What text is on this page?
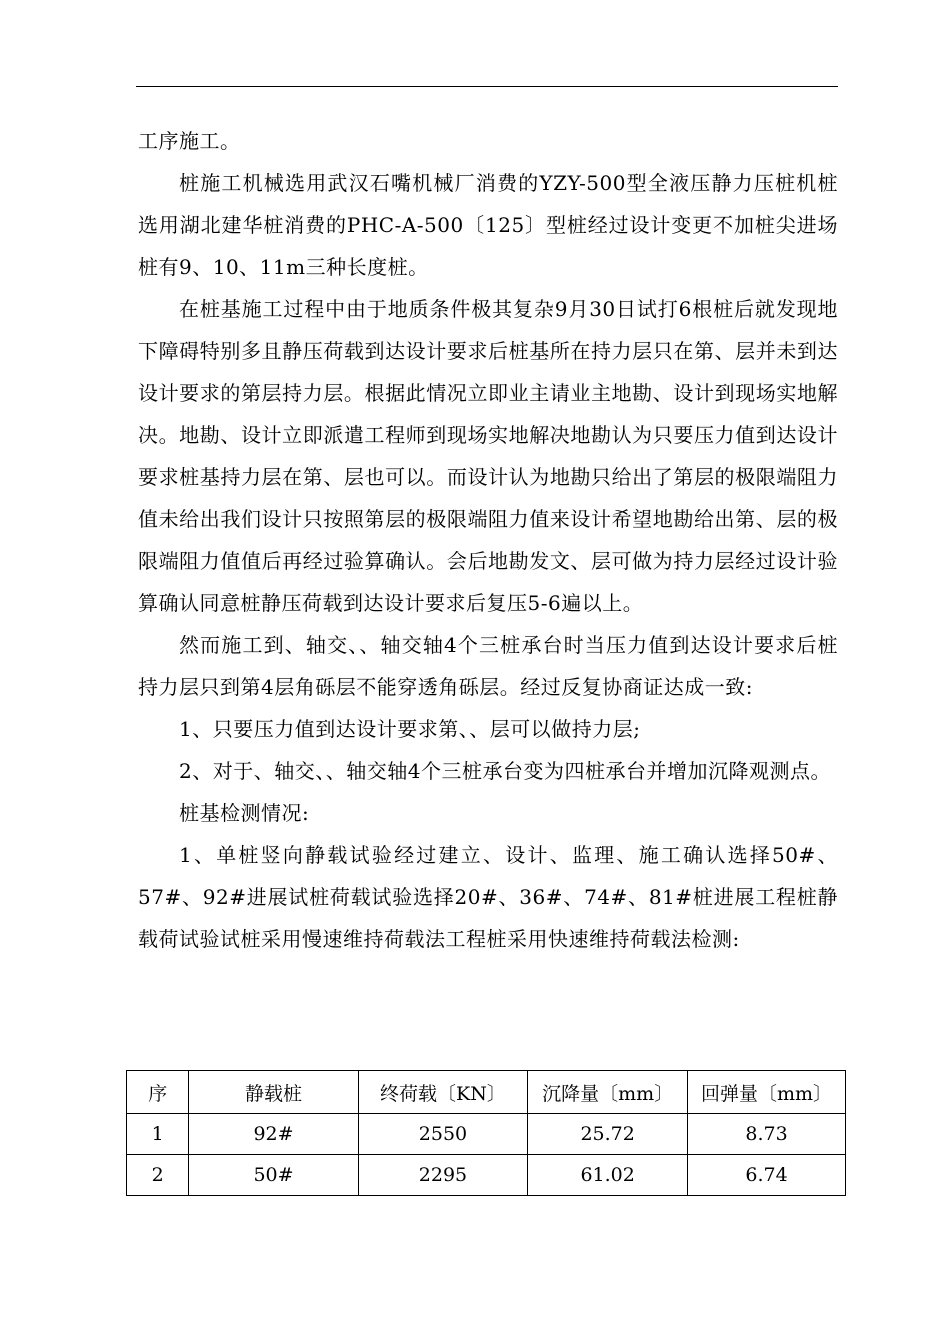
工序施工。

桩施工机械选用武汉石嘴机械厂消费的YZY-500型全液压静力压桩机桩选用湖北建华桩消费的PHC-A-500〔125〕型桩经过设计变更不加桩尖进场桩有9、10、11m三种长度桩。

在桩基施工过程中由于地质条件极其复杂9月30日试打6根桩后就发现地下障碍特别多且静压荷载到达设计要求后桩基所在持力层只在第、层并未到达设计要求的第层持力层。根据此情况立即业主请业主地勘、设计到现场实地解决。地勘、设计立即派遣工程师到现场实地解决地勘认为只要压力值到达设计要求桩基持力层在第、层也可以。而设计认为地勘只给出了第层的极限端阻力值未给出我们设计只按照第层的极限端阻力值来设计希望地勘给出第、层的极限端阻力值值后再经过验算确认。会后地勘发文、层可做为持力层经过设计验算确认同意桩静压荷载到达设计要求后复压5-6遍以上。

然而施工到、轴交、、轴交轴4个三桩承台时当压力值到达设计要求后桩持力层只到第4层角砾层不能穿透角砾层。经过反复协商证达成一致:

1、只要压力值到达设计要求第、、层可以做持力层;

2、对于、轴交、、轴交轴4个三桩承台变为四桩承台并增加沉降观测点。

桩基检测情况:

1、单桩竖向静载试验经过建立、设计、监理、施工确认选择50#、57#、92#进展试桩荷载试验选择20#、36#、74#、81#桩进展工程桩静载荷试验试桩采用慢速维持荷载法工程桩采用快速维持荷载法检测:

序	静载桩	终荷载〔KN〕	沉降量〔mm〕	回弹量〔mm〕
1	92#	2550	25.72	8.73
2	50#	2295	61.02	6.74
